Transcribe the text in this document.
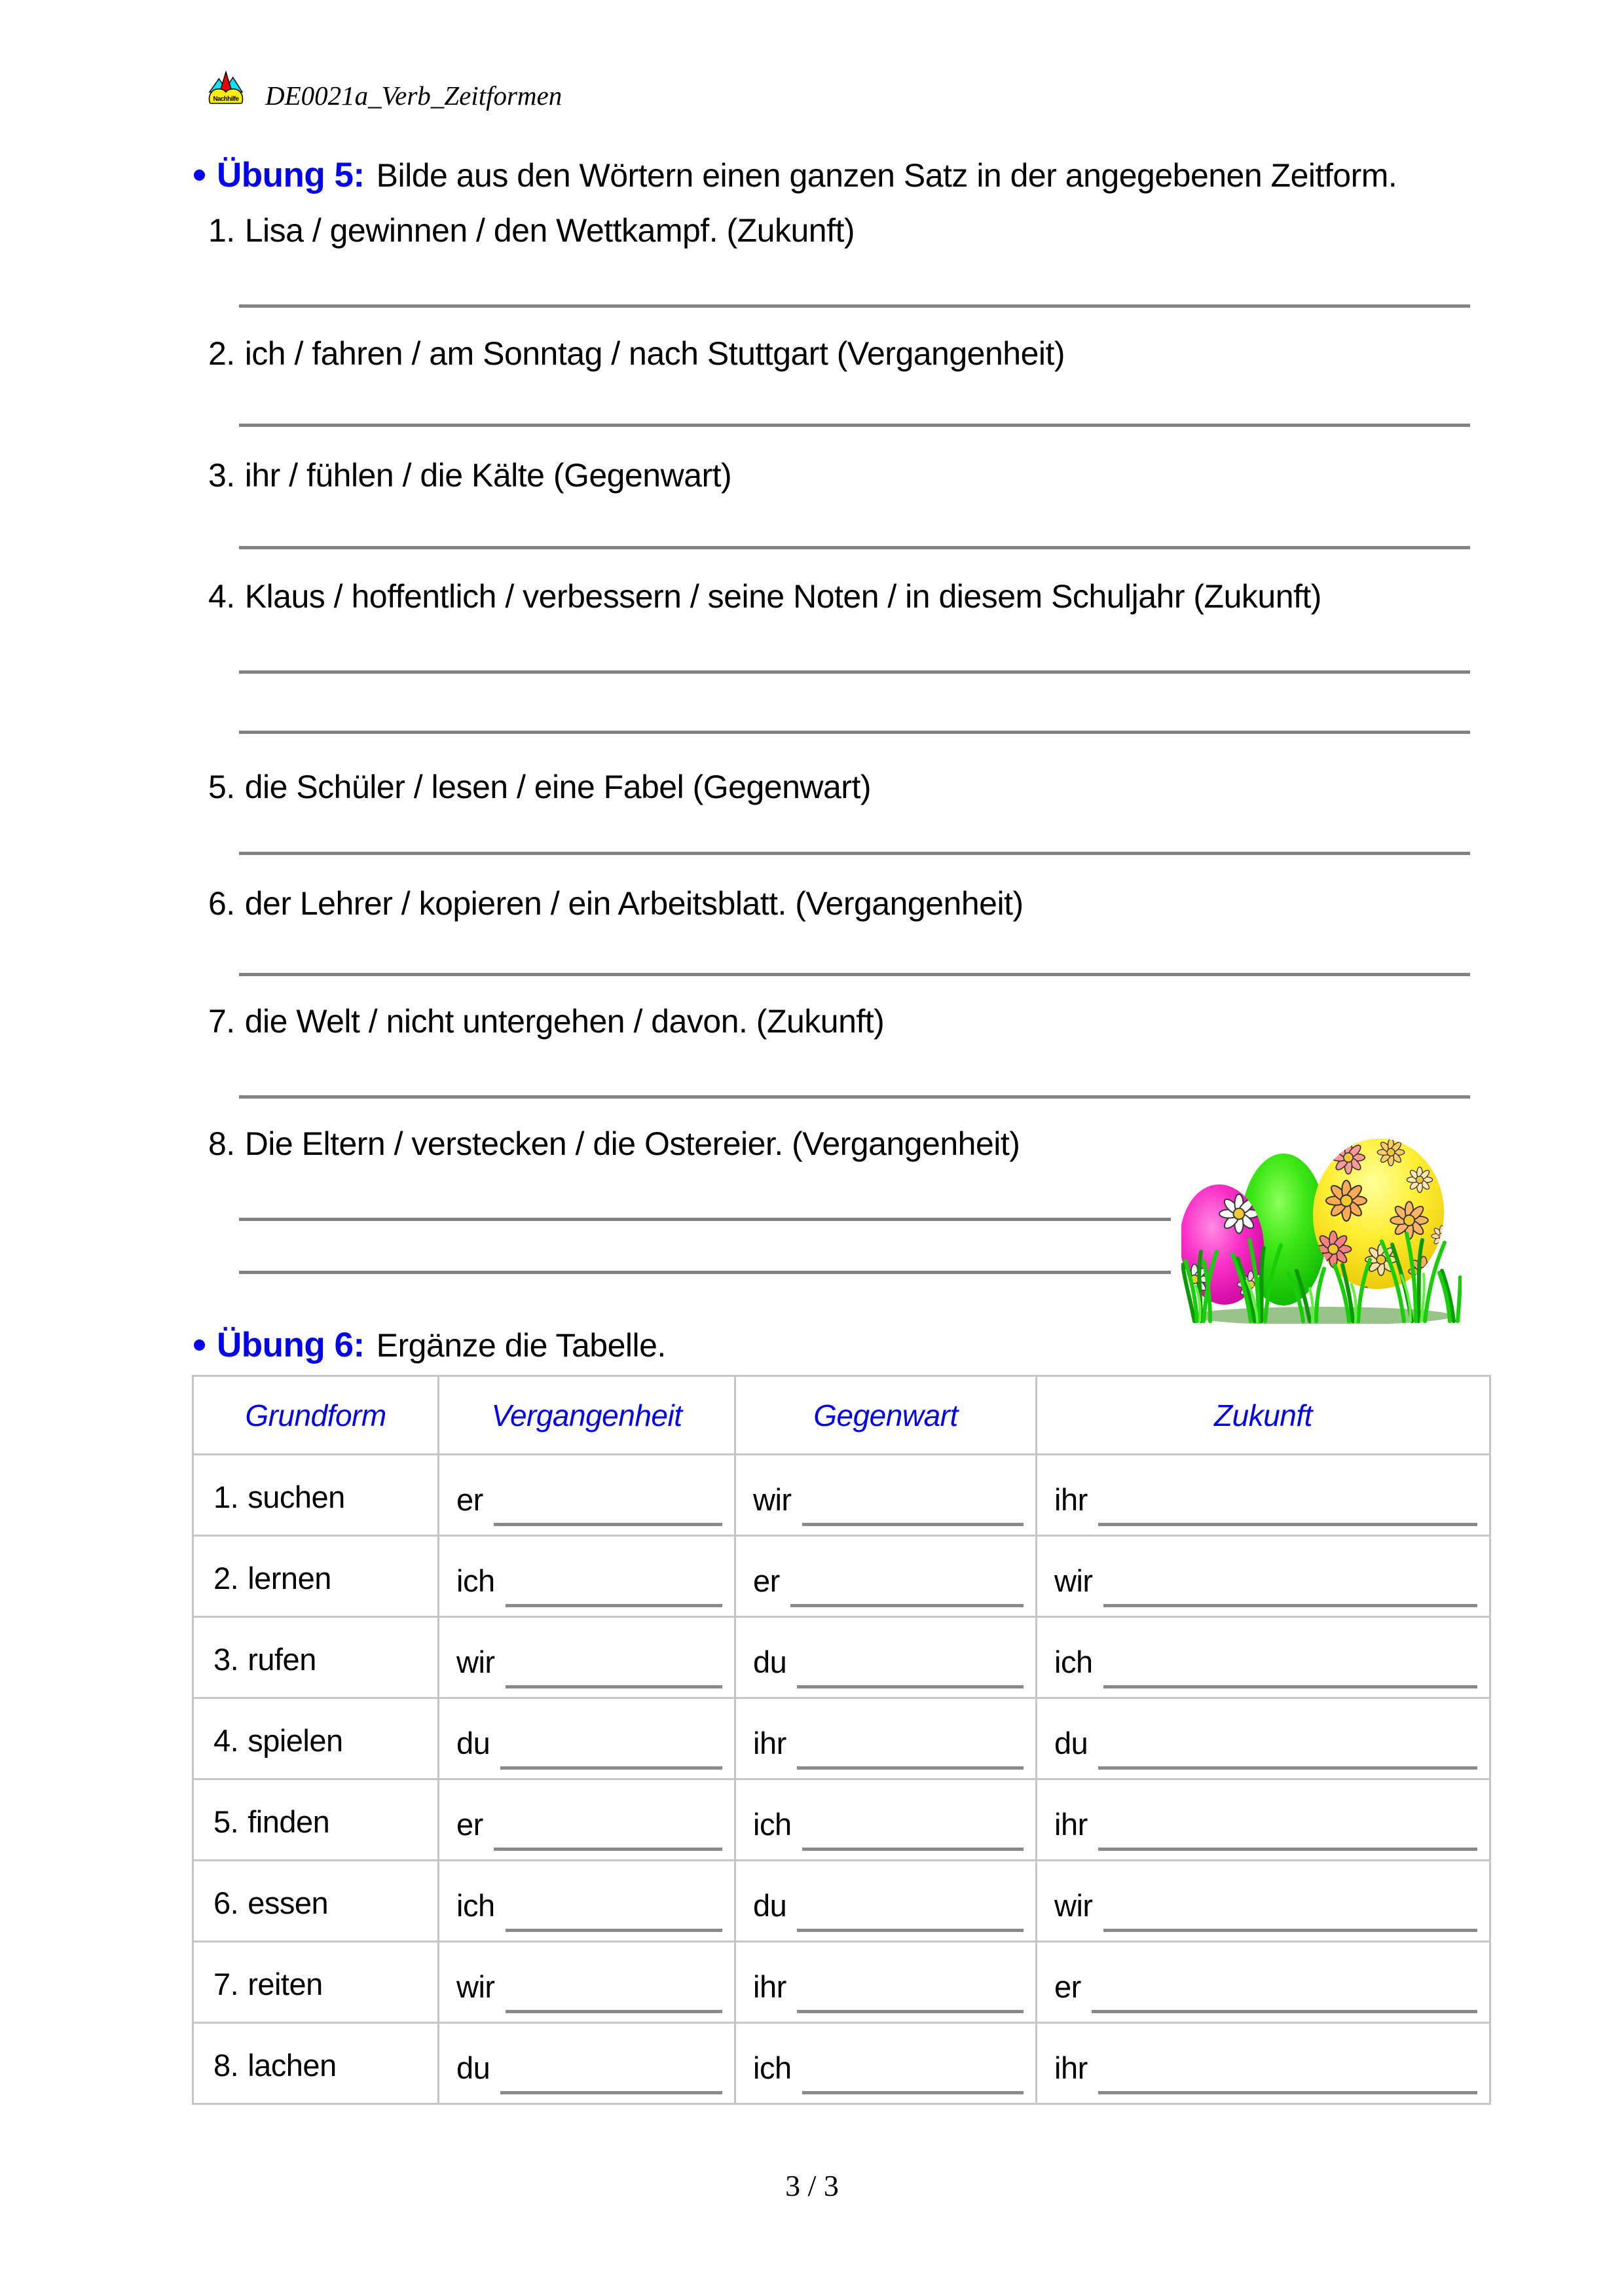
Nachhilfe DE0021a_Verb_Zeitformen
Übung 5: Bilde aus den Wörtern einen ganzen Satz in der angegebenen Zeitform.
1. Lisa / gewinnen / den Wettkampf. (Zukunft)
2. ich / fahren / am Sonntag / nach Stuttgart (Vergangenheit)
3. ihr / fühlen / die Kälte (Gegenwart)
4. Klaus / hoffentlich / verbessern / seine Noten / in diesem Schuljahr (Zukunft)
5. die Schüler / lesen / eine Fabel (Gegenwart)
6. der Lehrer / kopieren / ein Arbeitsblatt. (Vergangenheit)
7. die Welt / nicht untergehen / davon. (Zukunft)
8. Die Eltern / verstecken / die Ostereier. (Vergangenheit)
Übung 6: Ergänze die Tabelle.
Grundform	Vergangenheit	Gegenwart	Zukunft

1. suchen	er	wir	ihr

2. lernen	ich	er	wir

3. rufen	wir	du	ich

4. spielen	du	ihr	du

5. finden	er	ich	ihr

6. essen	ich	du	wir

7. reiten	wir	ihr	er

8. lachen	du	ich	ihr
3 / 3
